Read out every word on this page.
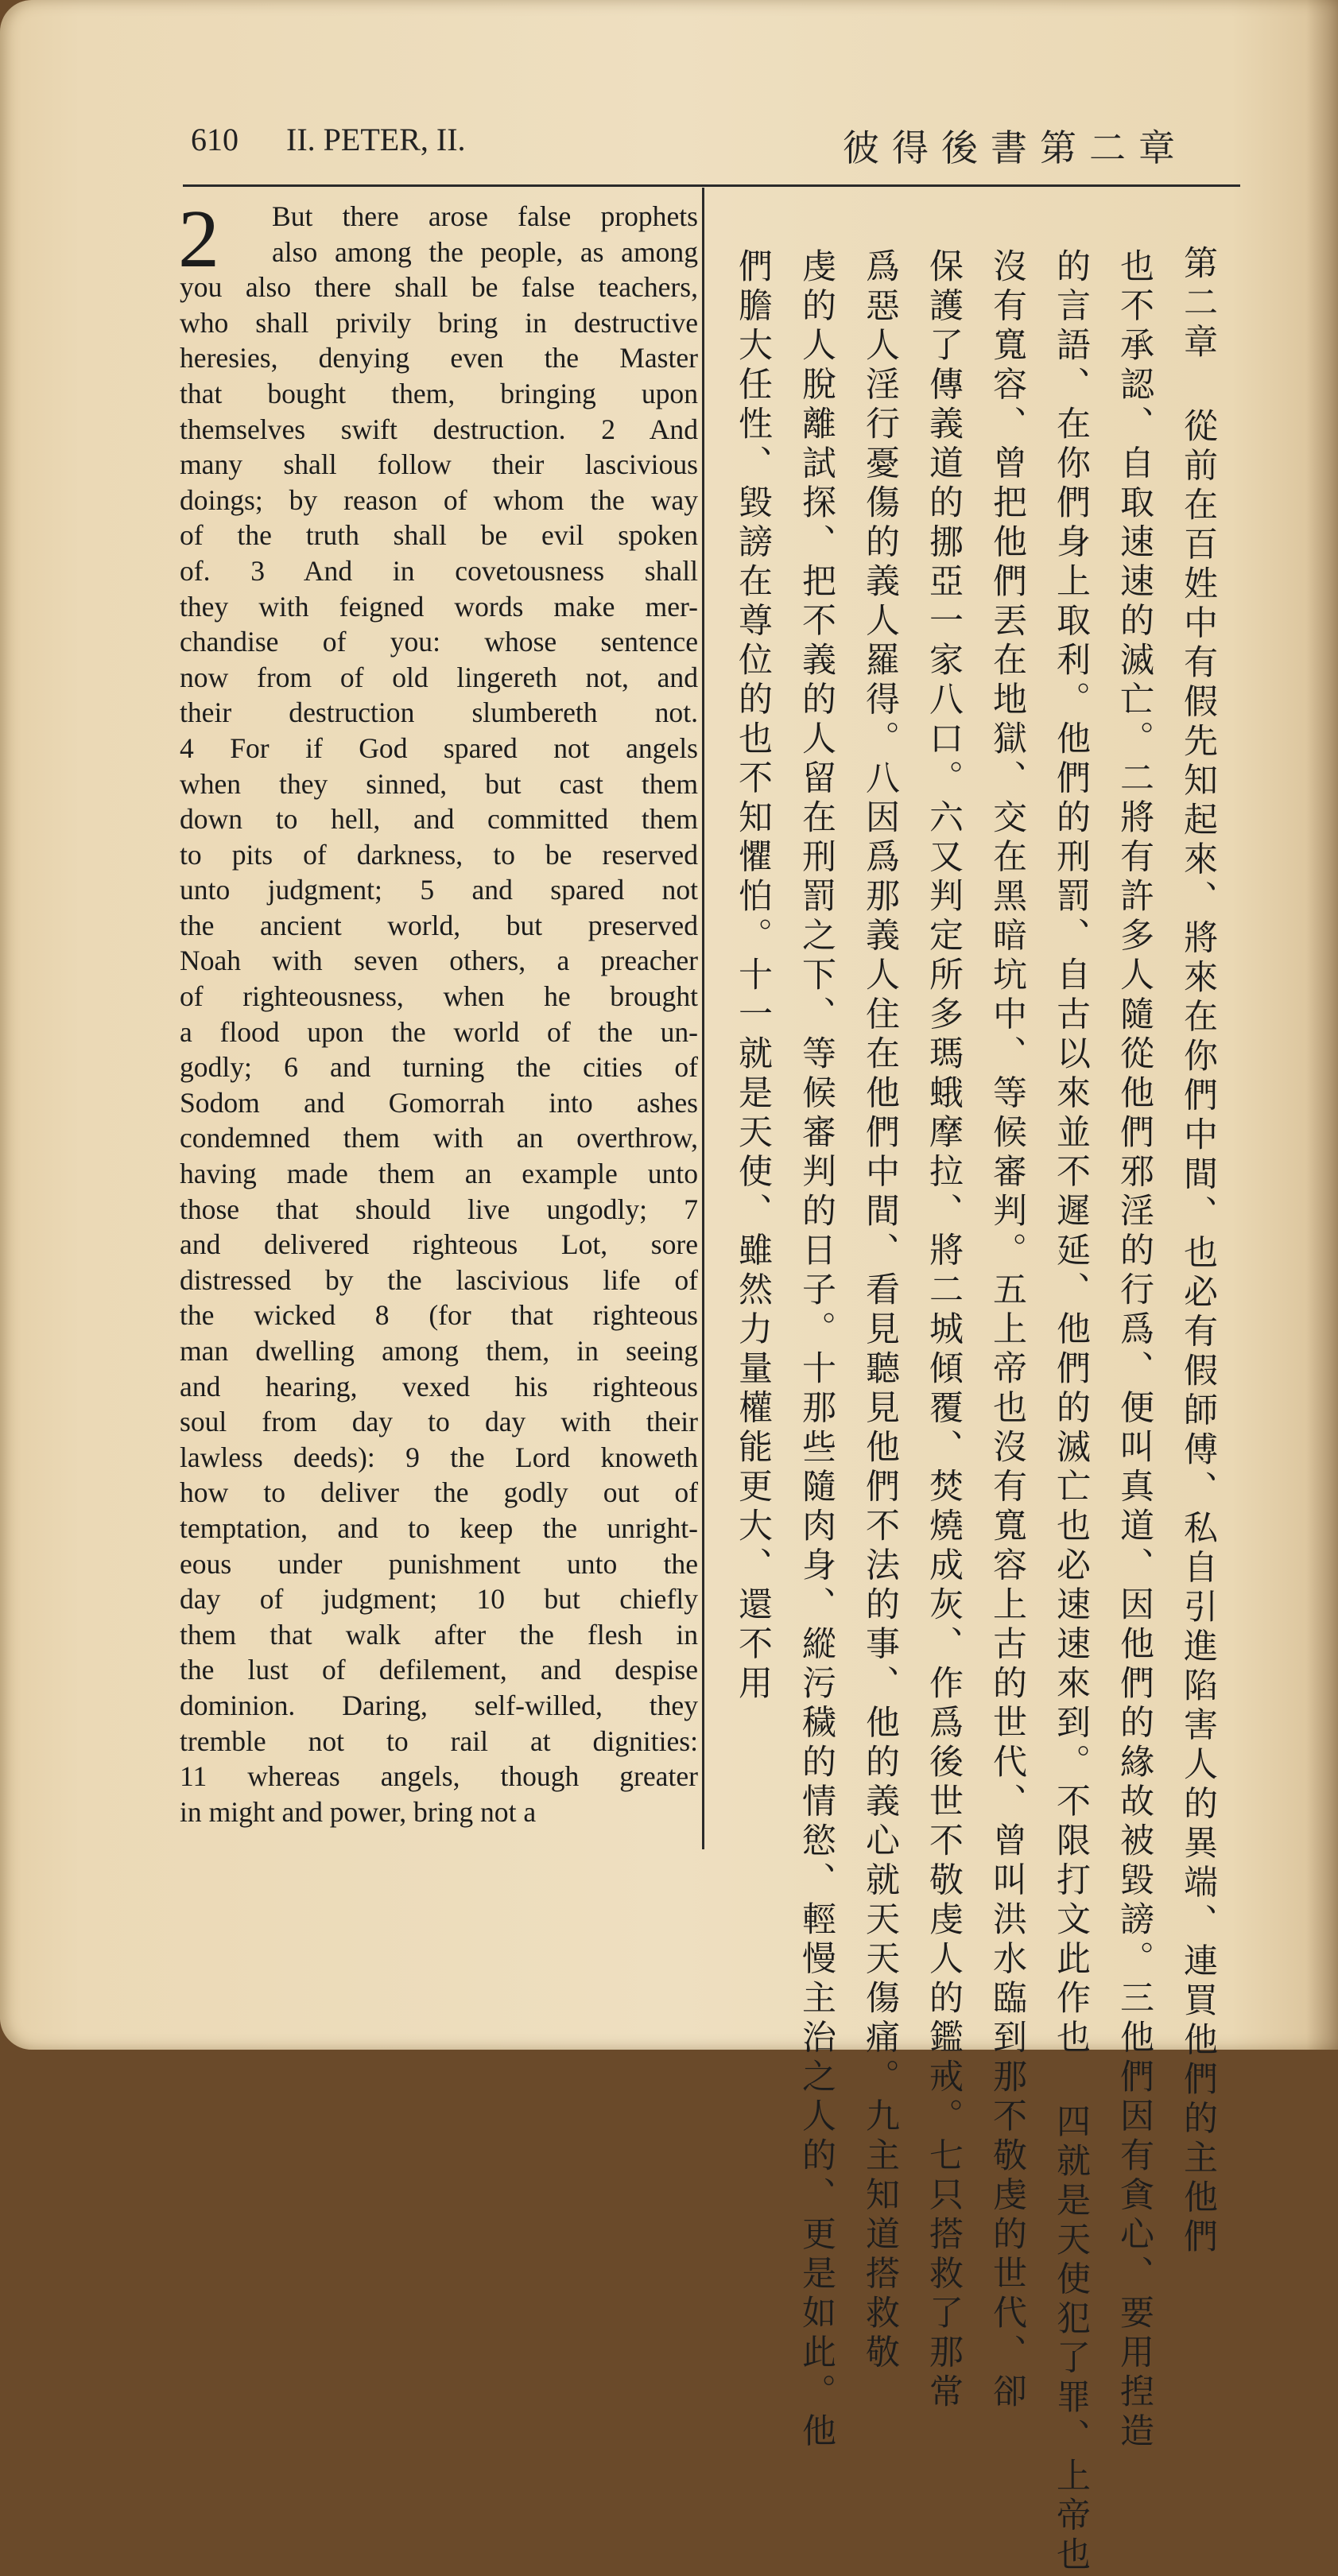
610 II. PETER, II.	彼得後書第二章
2	But there arose false prophets
also among the people, as among
you also there shall be false teachers,
who shall privily bring in destructive
heresies, denying even the Master
that bought them, bringing upon
themselves swift destruction. 2 And
many shall follow their lascivious
doings; by reason of whom the way
of the truth shall be evil spoken
of. 3 And in covetousness shall
they with feigned words make mer-
chandise of you: whose sentence
now from of old lingereth not, and
their destruction slumbereth not.
4 For if God spared not angels
when they sinned, but cast them
down to hell, and committed them
to pits of darkness, to be reserved
unto judgment; 5 and spared not
the ancient world, but preserved
Noah with seven others, a preacher
of righteousness, when he brought
a flood upon the world of the un-
godly; 6 and turning the cities of
Sodom and Gomorrah into ashes
condemned them with an overthrow,
having made them an example unto
those that should live ungodly; 7
and delivered righteous Lot, sore
distressed by the lascivious life of
the wicked 8 (for that righteous
man dwelling among them, in seeing
and hearing, vexed his righteous
soul from day to day with their
lawless deeds): 9 the Lord knoweth
how to deliver the godly out of
temptation, and to keep the unright-
eous under punishment unto the
day of judgment; 10 but chiefly
them that walk after the flesh in
the lust of defilement, and despise
dominion. Daring, self-willed, they
tremble not to rail at dignities:
11 whereas angels, though greater
in might and power, bring not a	第二章 從前在百姓中有假先知起來、將來在你們中間、也必有假師傅、私自引進陷害人的異端、連買他們的主他們
也不承認、自取速速的滅亡。二將有許多人隨從他們邪淫的行爲、便叫真道、因他們的緣故被毀謗。三他們因有貪心、要用揑造
的言語、在你們身上取利。他們的刑罰、自古以來並不遲延、他們的滅亡也必速速來到。不限打文此作也 四就是天使犯了罪、上帝也
沒有寬容、曾把他們丟在地獄、交在黑暗坑中、等候審判。五上帝也沒有寬容上古的世代、曾叫洪水臨到那不敬虔的世代、卻
保護了傳義道的挪亞一家八口。六又判定所多瑪蛾摩拉、將二城傾覆、焚燒成灰、作爲後世不敬虔人的鑑戒。七只搭救了那常
爲惡人淫行憂傷的義人羅得。八因爲那義人住在他們中間、看見聽見他們不法的事、他的義心就天天傷痛。九主知道搭救敬
虔的人脫離試探、把不義的人留在刑罰之下、等候審判的日子。十那些隨肉身、縱污穢的情慾、輕慢主治之人的、更是如此。他
們膽大任性、毀謗在尊位的也不知懼怕。十一就是天使、雖然力量權能更大、還不用
